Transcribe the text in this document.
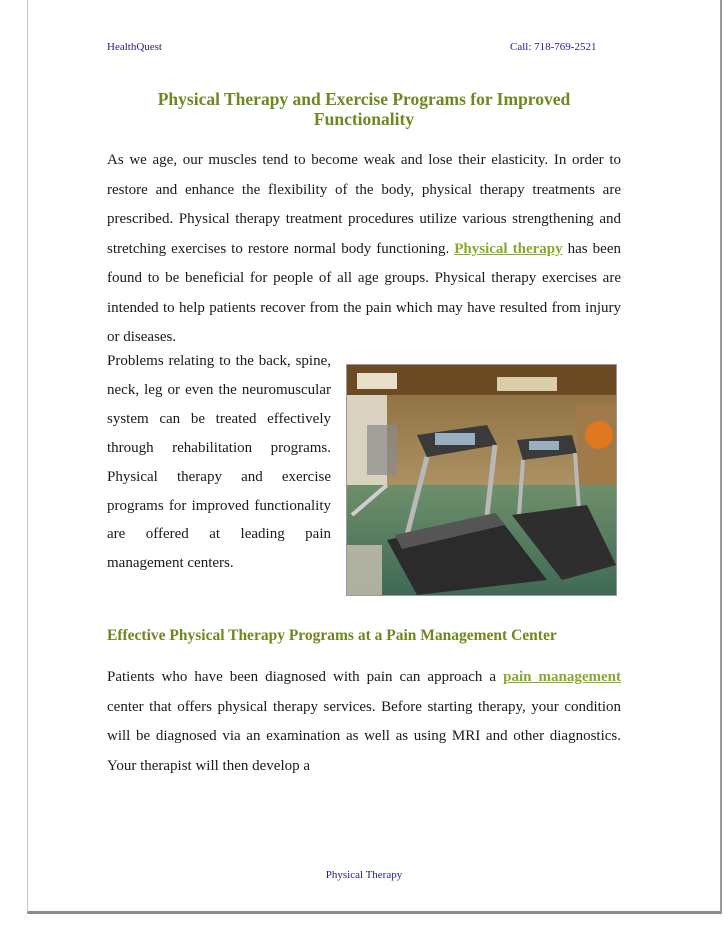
HealthQuest	Call: 718-769-2521
Physical Therapy and Exercise Programs for Improved Functionality

As we age, our muscles tend to become weak and lose their elasticity. In order to restore and enhance the flexibility of the body, physical therapy treatments are prescribed. Physical therapy treatment procedures utilize various strengthening and stretching exercises to restore normal body functioning. Physical therapy has been found to be beneficial for people of all age groups. Physical therapy exercises are intended to help patients recover from the pain which may have resulted from injury or diseases.

Problems relating to the back, spine, neck, leg or even the neuromuscular system can be treated effectively through rehabilitation programs. Physical therapy and exercise programs for improved functionality are offered at leading pain management centers.

Effective Physical Therapy Programs at a Pain Management Center

Patients who have been diagnosed with pain can approach a pain management center that offers physical therapy services. Before starting therapy, your condition will be diagnosed via an examination as well as using MRI and other diagnostics. Your therapist will then develop a

Physical Therapy
